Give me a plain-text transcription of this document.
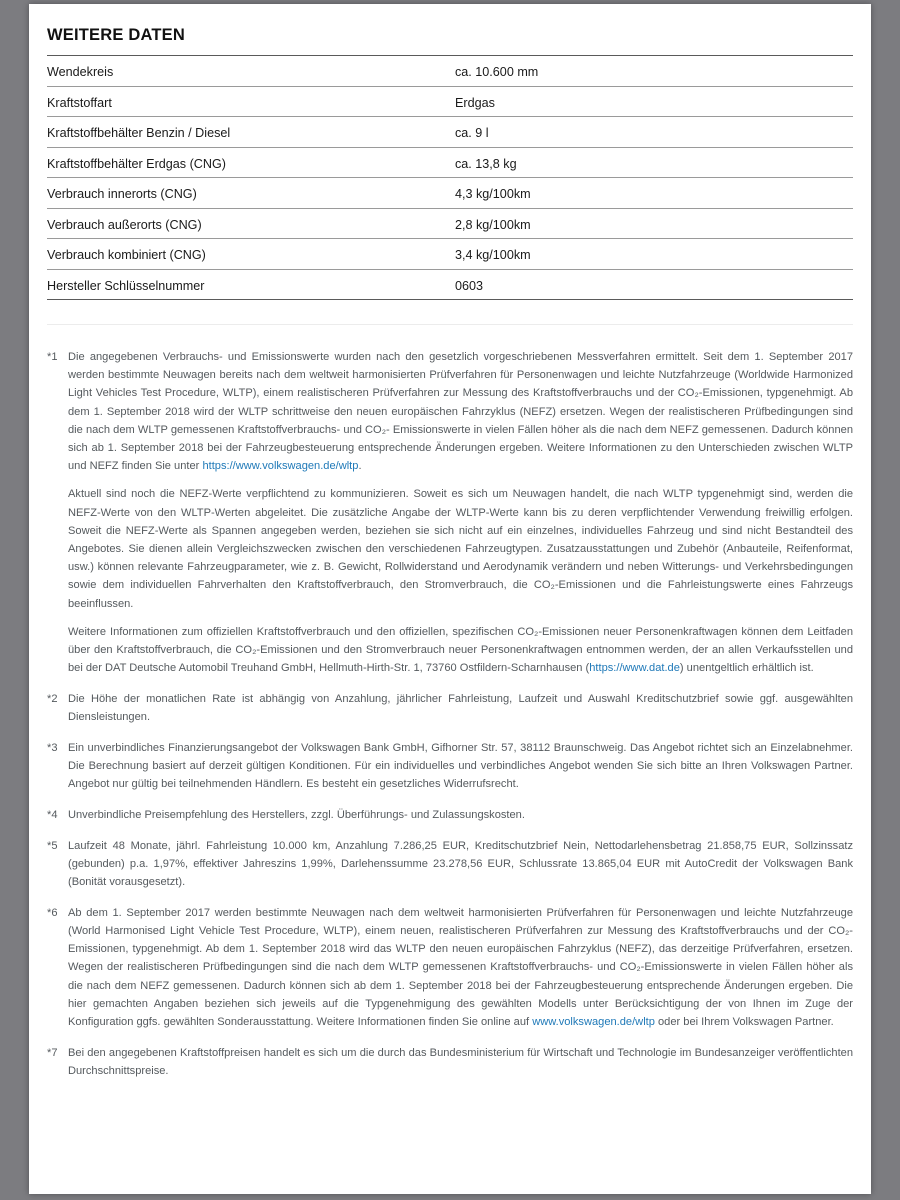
WEITERE DATEN
Wendekreis	ca. 10.600 mm
Kraftstoffart	Erdgas
Kraftstoffbehälter Benzin / Diesel	ca. 9 l
Kraftstoffbehälter Erdgas (CNG)	ca. 13,8 kg
Verbrauch innerorts (CNG)	4,3 kg/100km
Verbrauch außerorts (CNG)	2,8 kg/100km
Verbrauch kombiniert (CNG)	3,4 kg/100km
Hersteller Schlüsselnummer	0603
*1 Die angegebenen Verbrauchs- und Emissionswerte wurden nach den gesetzlich vorgeschriebenen Messverfahren ermittelt. Seit dem 1. September 2017 werden bestimmte Neuwagen bereits nach dem weltweit harmonisierten Prüfverfahren für Personenwagen und leichte Nutzfahrzeuge (Worldwide Harmonized Light Vehicles Test Procedure, WLTP), einem realistischeren Prüfverfahren zur Messung des Kraftstoffverbrauchs und der CO₂-Emissionen, typgenehmigt. Ab dem 1. September 2018 wird der WLTP schrittweise den neuen europäischen Fahrzyklus (NEFZ) ersetzen. Wegen der realistischeren Prüfbedingungen sind die nach dem WLTP gemessenen Kraftstoffverbrauchs- und CO₂- Emissionswerte in vielen Fällen höher als die nach dem NEFZ gemessenen. Dadurch können sich ab 1. September 2018 bei der Fahrzeugbesteuerung entsprechende Änderungen ergeben. Weitere Informationen zu den Unterschieden zwischen WLTP und NEFZ finden Sie unter https://www.volkswagen.de/wltp.

Aktuell sind noch die NEFZ-Werte verpflichtend zu kommunizieren. Soweit es sich um Neuwagen handelt, die nach WLTP typgenehmigt sind, werden die NEFZ-Werte von den WLTP-Werten abgeleitet. Die zusätzliche Angabe der WLTP-Werte kann bis zu deren verpflichtender Verwendung freiwillig erfolgen. Soweit die NEFZ-Werte als Spannen angegeben werden, beziehen sie sich nicht auf ein einzelnes, individuelles Fahrzeug und sind nicht Bestandteil des Angebotes. Sie dienen allein Vergleichszwecken zwischen den verschiedenen Fahrzeugtypen. Zusatzausstattungen und Zubehör (Anbauteile, Reifenformat, usw.) können relevante Fahrzeugparameter, wie z. B. Gewicht, Rollwiderstand und Aerodynamik verändern und neben Witterungs- und Verkehrsbedingungen sowie dem individuellen Fahrverhalten den Kraftstoffverbrauch, den Stromverbrauch, die CO₂-Emissionen und die Fahrleistungswerte eines Fahrzeugs beeinflussen.

Weitere Informationen zum offiziellen Kraftstoffverbrauch und den offiziellen, spezifischen CO₂-Emissionen neuer Personenkraftwagen können dem Leitfaden über den Kraftstoffverbrauch, die CO₂-Emissionen und den Stromverbrauch neuer Personenkraftwagen entnommen werden, der an allen Verkaufsstellen und bei der DAT Deutsche Automobil Treuhand GmbH, Hellmuth-Hirth-Str. 1, 73760 Ostfildern-Scharnhausen (https://www.dat.de) unentgeltlich erhältlich ist.

*2 Die Höhe der monatlichen Rate ist abhängig von Anzahlung, jährlicher Fahrleistung, Laufzeit und Auswahl Kreditschutzbrief sowie ggf. ausgewählten Diensleistungen.

*3 Ein unverbindliches Finanzierungsangebot der Volkswagen Bank GmbH, Gifhorner Str. 57, 38112 Braunschweig. Das Angebot richtet sich an Einzelabnehmer. Die Berechnung basiert auf derzeit gültigen Konditionen. Für ein individuelles und verbindliches Angebot wenden Sie sich bitte an Ihren Volkswagen Partner. Angebot nur gültig bei teilnehmenden Händlern. Es besteht ein gesetzliches Widerrufsrecht.

*4 Unverbindliche Preisempfehlung des Herstellers, zzgl. Überführungs- und Zulassungskosten.

*5 Laufzeit 48 Monate, jährl. Fahrleistung 10.000 km, Anzahlung 7.286,25 EUR, Kreditschutzbrief Nein, Nettodarlehensbetrag 21.858,75 EUR, Sollzinssatz (gebunden) p.a. 1,97%, effektiver Jahreszins 1,99%, Darlehenssumme 23.278,56 EUR, Schlussrate 13.865,04 EUR mit AutoCredit der Volkswagen Bank (Bonität vorausgesetzt).

*6 Ab dem 1. September 2017 werden bestimmte Neuwagen nach dem weltweit harmonisierten Prüfverfahren für Personenwagen und leichte Nutzfahrzeuge (World Harmonised Light Vehicle Test Procedure, WLTP), einem neuen, realistischeren Prüfverfahren zur Messung des Kraftstoffverbrauchs und der CO₂-Emissionen, typgenehmigt. Ab dem 1. September 2018 wird das WLTP den neuen europäischen Fahrzyklus (NEFZ), das derzeitige Prüfverfahren, ersetzen. Wegen der realistischeren Prüfbedingungen sind die nach dem WLTP gemessenen Kraftstoffverbrauchs- und CO₂-Emissionswerte in vielen Fällen höher als die nach dem NEFZ gemessenen. Dadurch können sich ab dem 1. September 2018 bei der Fahrzeugbesteuerung entsprechende Änderungen ergeben. Die hier gemachten Angaben beziehen sich jeweils auf die Typgenehmigung des gewählten Modells unter Berücksichtigung der von Ihnen im Zuge der Konfiguration ggfs. gewählten Sonderausstattung. Weitere Informationen finden Sie online auf www.volkswagen.de/wltp oder bei Ihrem Volkswagen Partner.

*7 Bei den angegebenen Kraftstoffpreisen handelt es sich um die durch das Bundesministerium für Wirtschaft und Technologie im Bundesanzeiger veröffentlichten Durchschnittspreise.
